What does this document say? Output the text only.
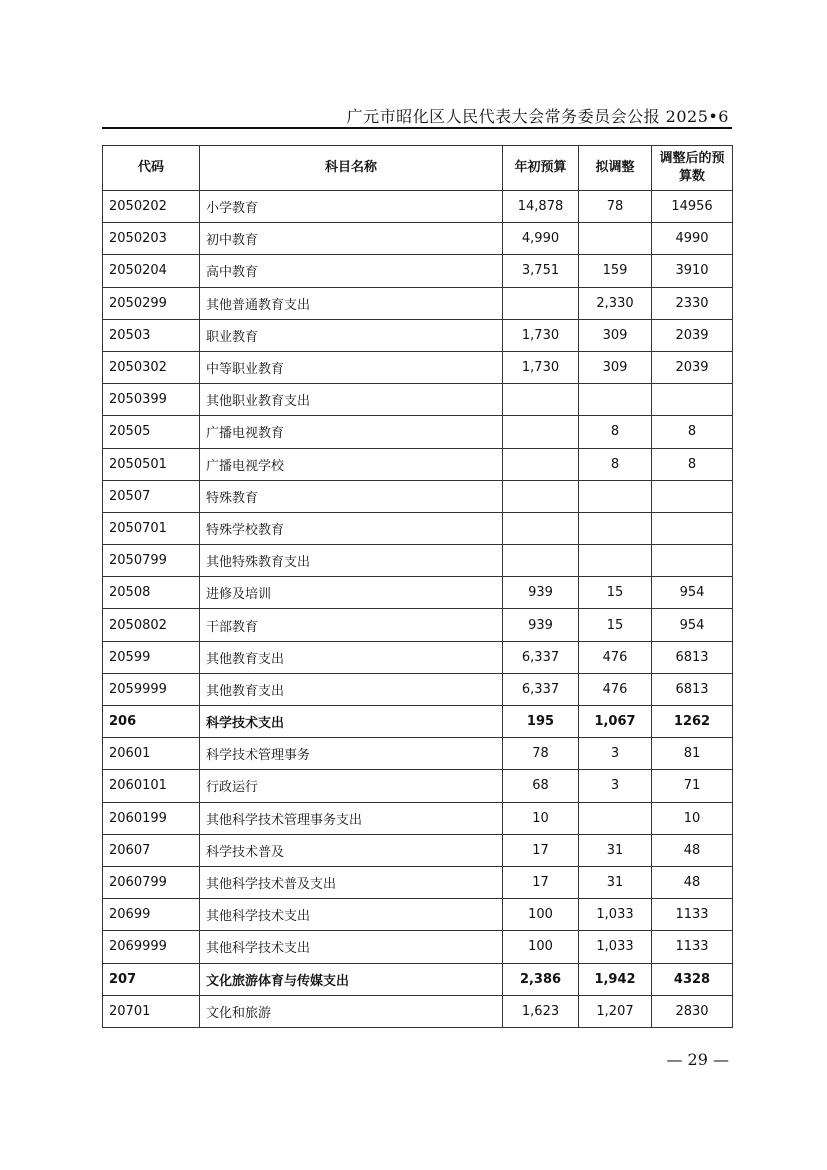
广元市昭化区人民代表大会常务委员会公报 2025•6
代码	科目名称	年初预算	拟调整	调整后的预算数
2050202	小学教育	14,878	78	14956
2050203	初中教育	4,990		4990
2050204	高中教育	3,751	159	3910
2050299	其他普通教育支出		2,330	2330
20503	职业教育	1,730	309	2039
2050302	中等职业教育	1,730	309	2039
2050399	其他职业教育支出			
20505	广播电视教育		8	8
2050501	广播电视学校		8	8
20507	特殊教育			
2050701	特殊学校教育			
2050799	其他特殊教育支出			
20508	进修及培训	939	15	954
2050802	干部教育	939	15	954
20599	其他教育支出	6,337	476	6813
2059999	其他教育支出	6,337	476	6813
206	科学技术支出	195	1,067	1262
20601	科学技术管理事务	78	3	81
2060101	行政运行	68	3	71
2060199	其他科学技术管理事务支出	10		10
20607	科学技术普及	17	31	48
2060799	其他科学技术普及支出	17	31	48
20699	其他科学技术支出	100	1,033	1133
2069999	其他科学技术支出	100	1,033	1133
207	文化旅游体育与传媒支出	2,386	1,942	4328
20701	文化和旅游	1,623	1,207	2830
— 29 —
